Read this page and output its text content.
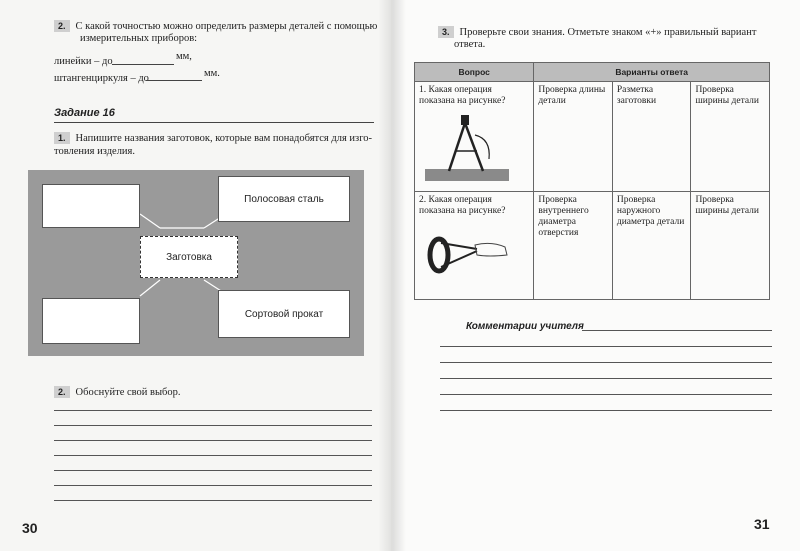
2. С какой точностью можно определить размеры деталей с помощью
измерительных приборов:
линейки – до	мм,
штангенциркуля – до	мм.
Задание 16
1. Напишите названия заготовок, которые вам понадобятся для изго-
товления изделия.
Полосовая сталь
Заготовка
Сортовой прокат
2. Обоснуйте свой выбор.
30
3. Проверьте свои знания. Отметьте знаком «+» правильный вариант
ответа.
Вопрос	Варианты ответа		

1. Какая операция показана на рисунке?	Проверка длины детали	Разметка заготовки	Проверка ширины детали

2. Какая операция показана на рисунке?	Проверка внутреннего диаметра отверстия	Проверка наружного диаметра детали	Проверка ширины детали
Комментарии учителя
31
